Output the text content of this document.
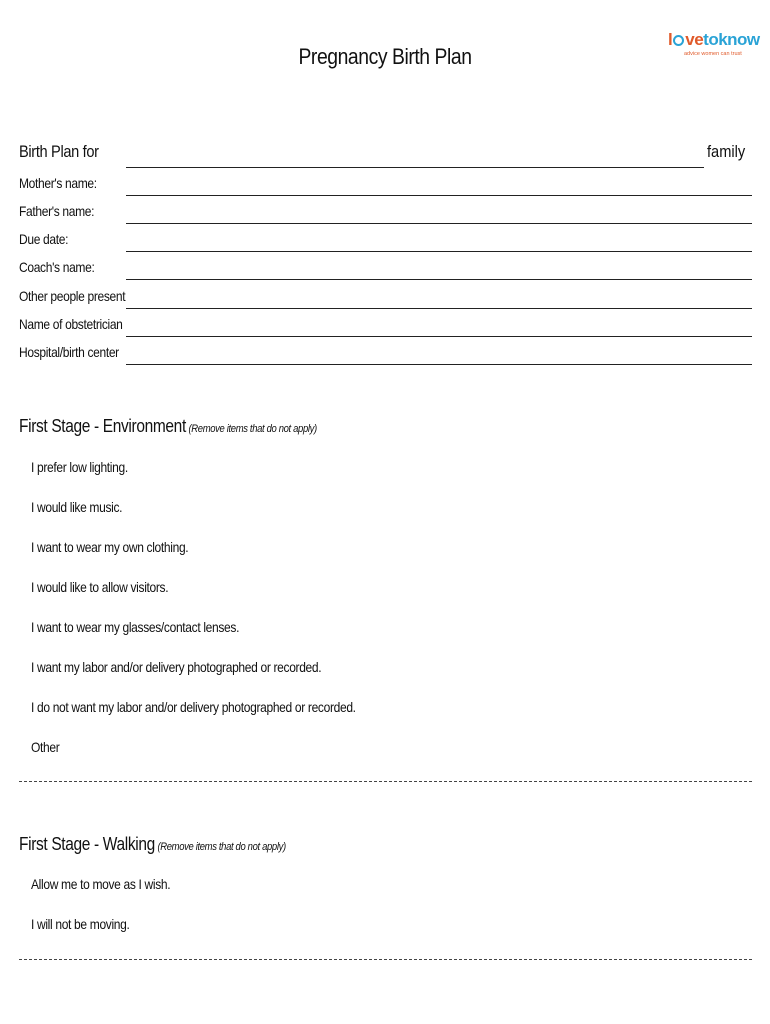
Pregnancy Birth Plan
l vetoknow
advice women can trust
Birth Plan for	family
Mother's name:
Father's name:
Due date:
Coach's name:
Other people present
Name of obstetrician
Hospital/birth center
First Stage - Environment (Remove items that do not apply)
I prefer low lighting.
I would like music.
I want to wear my own clothing.
I would like to allow visitors.
I want to wear my glasses/contact lenses.
I want my labor and/or delivery photographed or recorded.
I do not want my labor and/or delivery photographed or recorded.
Other
First Stage - Walking (Remove items that do not apply)
Allow me to move as I wish.
I will not be moving.
